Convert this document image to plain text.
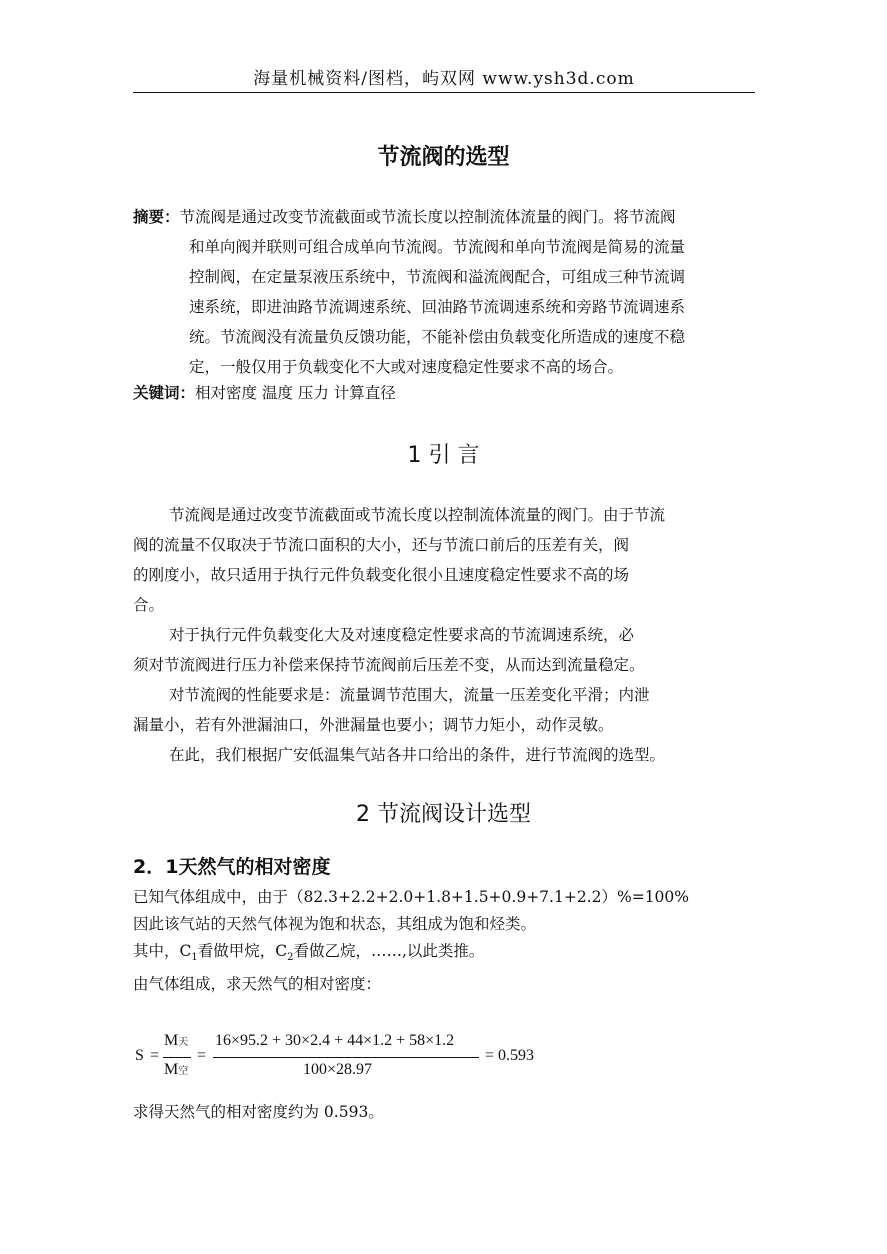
海量机械资料/图档，屿双网 www.ysh3d.com
节流阀的选型
摘要：节流阀是通过改变节流截面或节流长度以控制流体流量的阀门。将节流阀
和单向阀并联则可组合成单向节流阀。节流阀和单向节流阀是简易的流量
控制阀，在定量泵液压系统中，节流阀和溢流阀配合，可组成三种节流调
速系统，即进油路节流调速系统、回油路节流调速系统和旁路节流调速系
统。节流阀没有流量负反馈功能，不能补偿由负载变化所造成的速度不稳
定，一般仅用于负载变化不大或对速度稳定性要求不高的场合。
关键词：相对密度 温度 压力 计算直径
1 引 言
节流阀是通过改变节流截面或节流长度以控制流体流量的阀门。由于节流
阀的流量不仅取决于节流口面积的大小，还与节流口前后的压差有关，阀
的刚度小，故只适用于执行元件负载变化很小且速度稳定性要求不高的场
合。
对于执行元件负载变化大及对速度稳定性要求高的节流调速系统，必
须对节流阀进行压力补偿来保持节流阀前后压差不变，从而达到流量稳定。
对节流阀的性能要求是：流量调节范围大，流量一压差变化平滑；内泄
漏量小，若有外泄漏油口，外泄漏量也要小；调节力矩小，动作灵敏。
在此，我们根据广安低温集气站各井口给出的条件，进行节流阀的选型。
2 节流阀设计选型
2．1天然气的相对密度
已知气体组成中，由于（82.3+2.2+2.0+1.8+1.5+0.9+7.1+2.2）%=100%
因此该气站的天然气体视为饱和状态，其组成为饱和烃类。
其中，$C_1$看做甲烷，$C_2$看做乙烷，……,以此类推。
由气体组成，求天然气的相对密度：
S =
M天
M空
=
16×95.2 + 30×2.4 + 44×1.2 + 58×1.2
100×28.97
= 0.593
求得天然气的相对密度约为 0.593。
